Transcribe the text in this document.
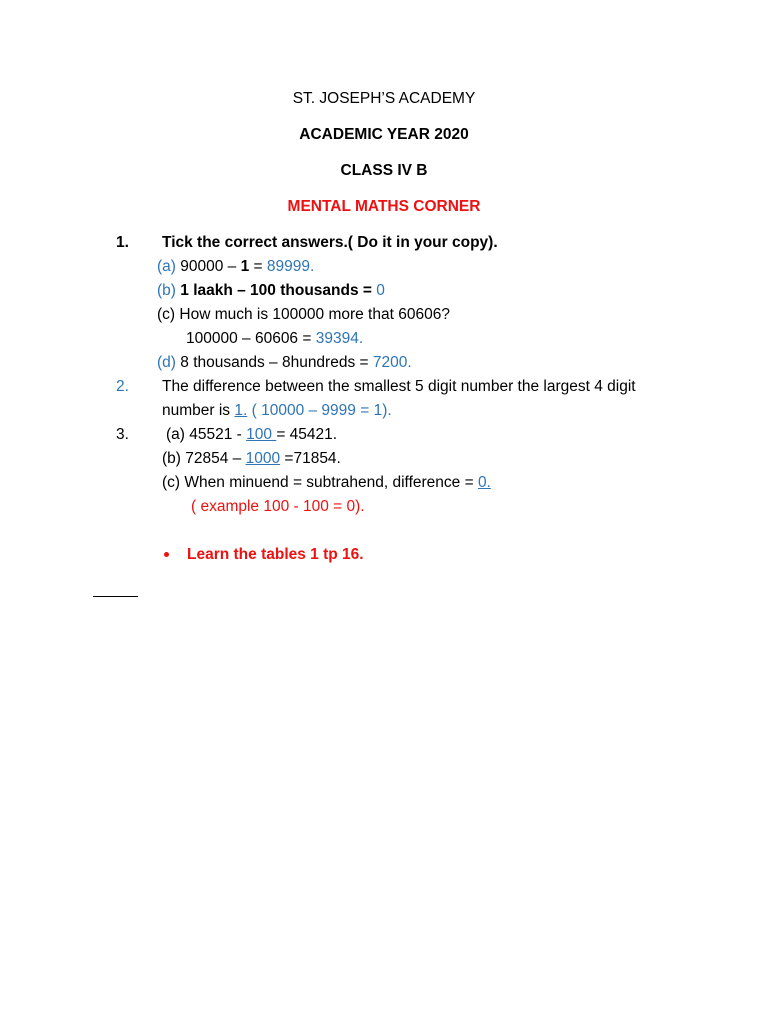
ST. JOSEPH’S ACADEMY
ACADEMIC YEAR 2020
CLASS IV B
MENTAL MATHS CORNER
1. Tick the correct answers.( Do it in your copy).
(a) 90000 – 1 = 89999.
(b) 1 laakh – 100 thousands = 0
(c) How much is 100000 more that 60606?
100000 – 60606 = 39394.
(d) 8 thousands – 8hundreds = 7200.
2. The difference between the smallest 5 digit number the largest 4 digit
number is 1. ( 10000 – 9999 = 1).
3. (a) 45521 - 100 = 45421.
(b) 72854 – 1000 =71854.
(c) When minuend = subtrahend, difference = 0.
( example 100 - 100 = 0).
Learn the tables 1 tp 16.
